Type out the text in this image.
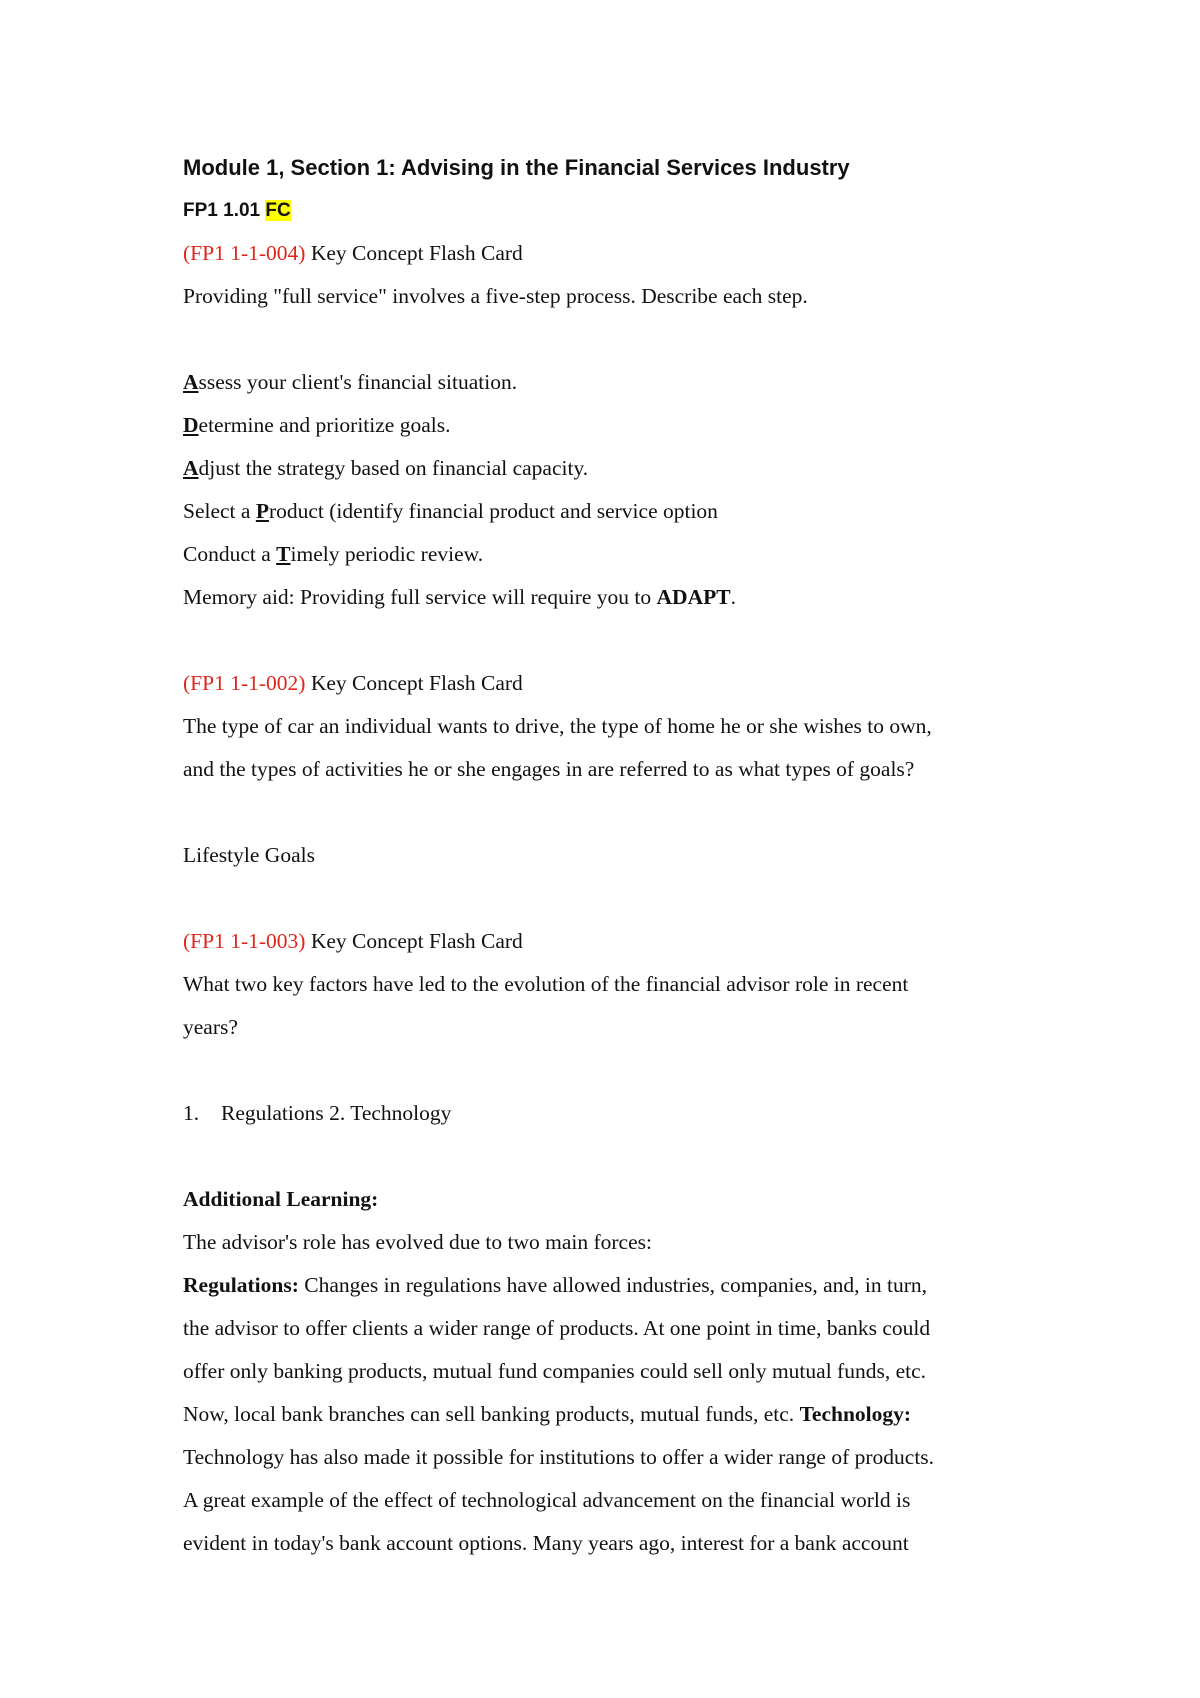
Module 1, Section 1: Advising in the Financial Services Industry
FP1 1.01 FC
(FP1 1-1-004) Key Concept Flash Card
Providing "full service" involves a five-step process. Describe each step.
Assess your client's financial situation.
Determine and prioritize goals.
Adjust the strategy based on financial capacity.
Select a Product (identify financial product and service option
Conduct a Timely periodic review.
Memory aid: Providing full service will require you to ADAPT.
(FP1 1-1-002) Key Concept Flash Card
The type of car an individual wants to drive, the type of home he or she wishes to own,
and the types of activities he or she engages in are referred to as what types of goals?
Lifestyle Goals
(FP1 1-1-003) Key Concept Flash Card
What two key factors have led to the evolution of the financial advisor role in recent
years?
1. Regulations 2. Technology
Additional Learning:
The advisor's role has evolved due to two main forces:
Regulations: Changes in regulations have allowed industries, companies, and, in turn,
the advisor to offer clients a wider range of products. At one point in time, banks could
offer only banking products, mutual fund companies could sell only mutual funds, etc.
Now, local bank branches can sell banking products, mutual funds, etc. Technology:
Technology has also made it possible for institutions to offer a wider range of products.
A great example of the effect of technological advancement on the financial world is
evident in today's bank account options. Many years ago, interest for a bank account
